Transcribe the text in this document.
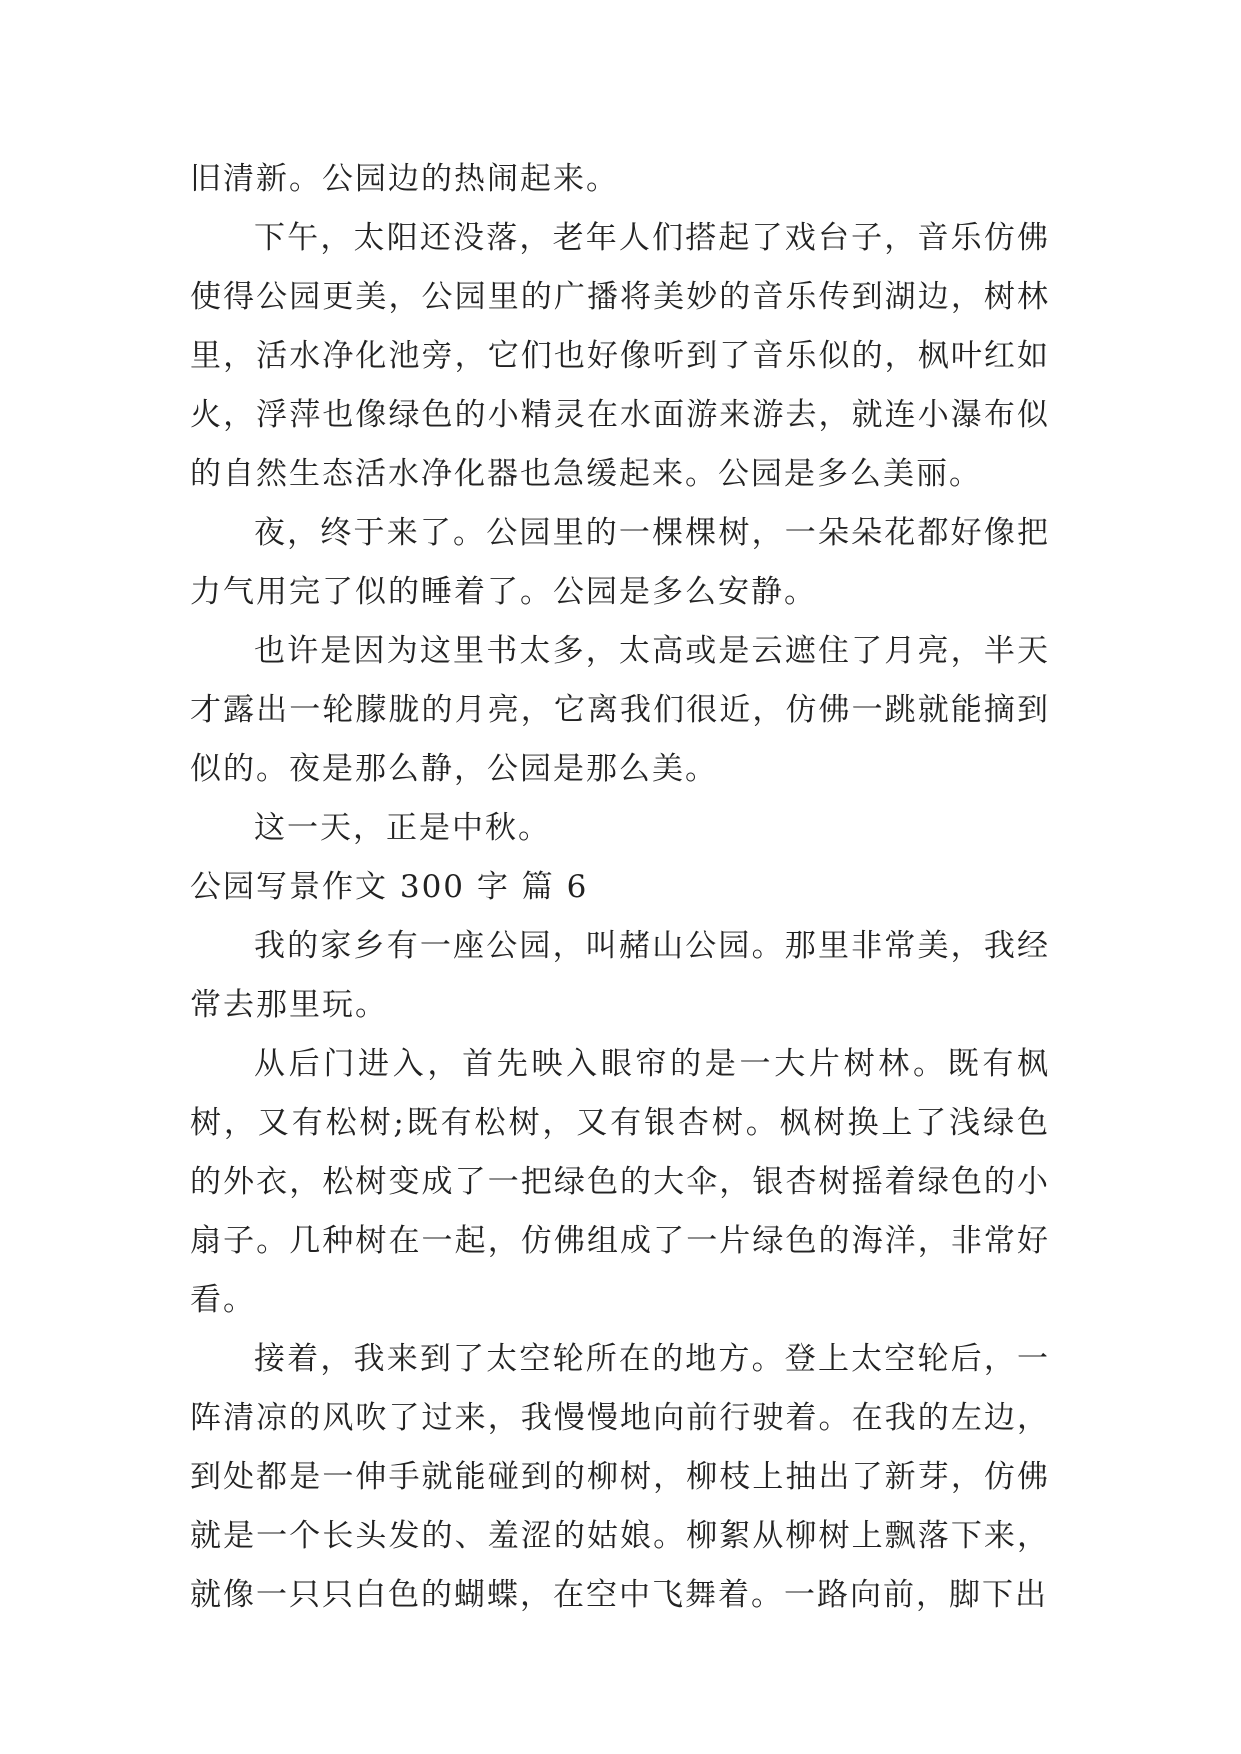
旧清新。公园边的热闹起来。

下午，太阳还没落，老年人们搭起了戏台子，音乐仿佛使得公园更美，公园里的广播将美妙的音乐传到湖边，树林里，活水净化池旁，它们也好像听到了音乐似的，枫叶红如火，浮萍也像绿色的小精灵在水面游来游去，就连小瀑布似的自然生态活水净化器也急缓起来。公园是多么美丽。

夜，终于来了。公园里的一棵棵树，一朵朵花都好像把力气用完了似的睡着了。公园是多么安静。

也许是因为这里书太多，太高或是云遮住了月亮，半天才露出一轮朦胧的月亮，它离我们很近，仿佛一跳就能摘到似的。夜是那么静，公园是那么美。

这一天，正是中秋。

公园写景作文 300 字 篇 6

我的家乡有一座公园，叫赭山公园。那里非常美，我经常去那里玩。

从后门进入，首先映入眼帘的是一大片树林。既有枫树，又有松树;既有松树，又有银杏树。枫树换上了浅绿色的外衣，松树变成了一把绿色的大伞，银杏树摇着绿色的小扇子。几种树在一起，仿佛组成了一片绿色的海洋，非常好看。

接着，我来到了太空轮所在的地方。登上太空轮后，一阵清凉的风吹了过来，我慢慢地向前行驶着。在我的左边，到处都是一伸手就能碰到的柳树，柳枝上抽出了新芽，仿佛就是一个长头发的、羞涩的姑娘。柳絮从柳树上飘落下来，就像一只只白色的蝴蝶，在空中飞舞着。一路向前，脚下出
